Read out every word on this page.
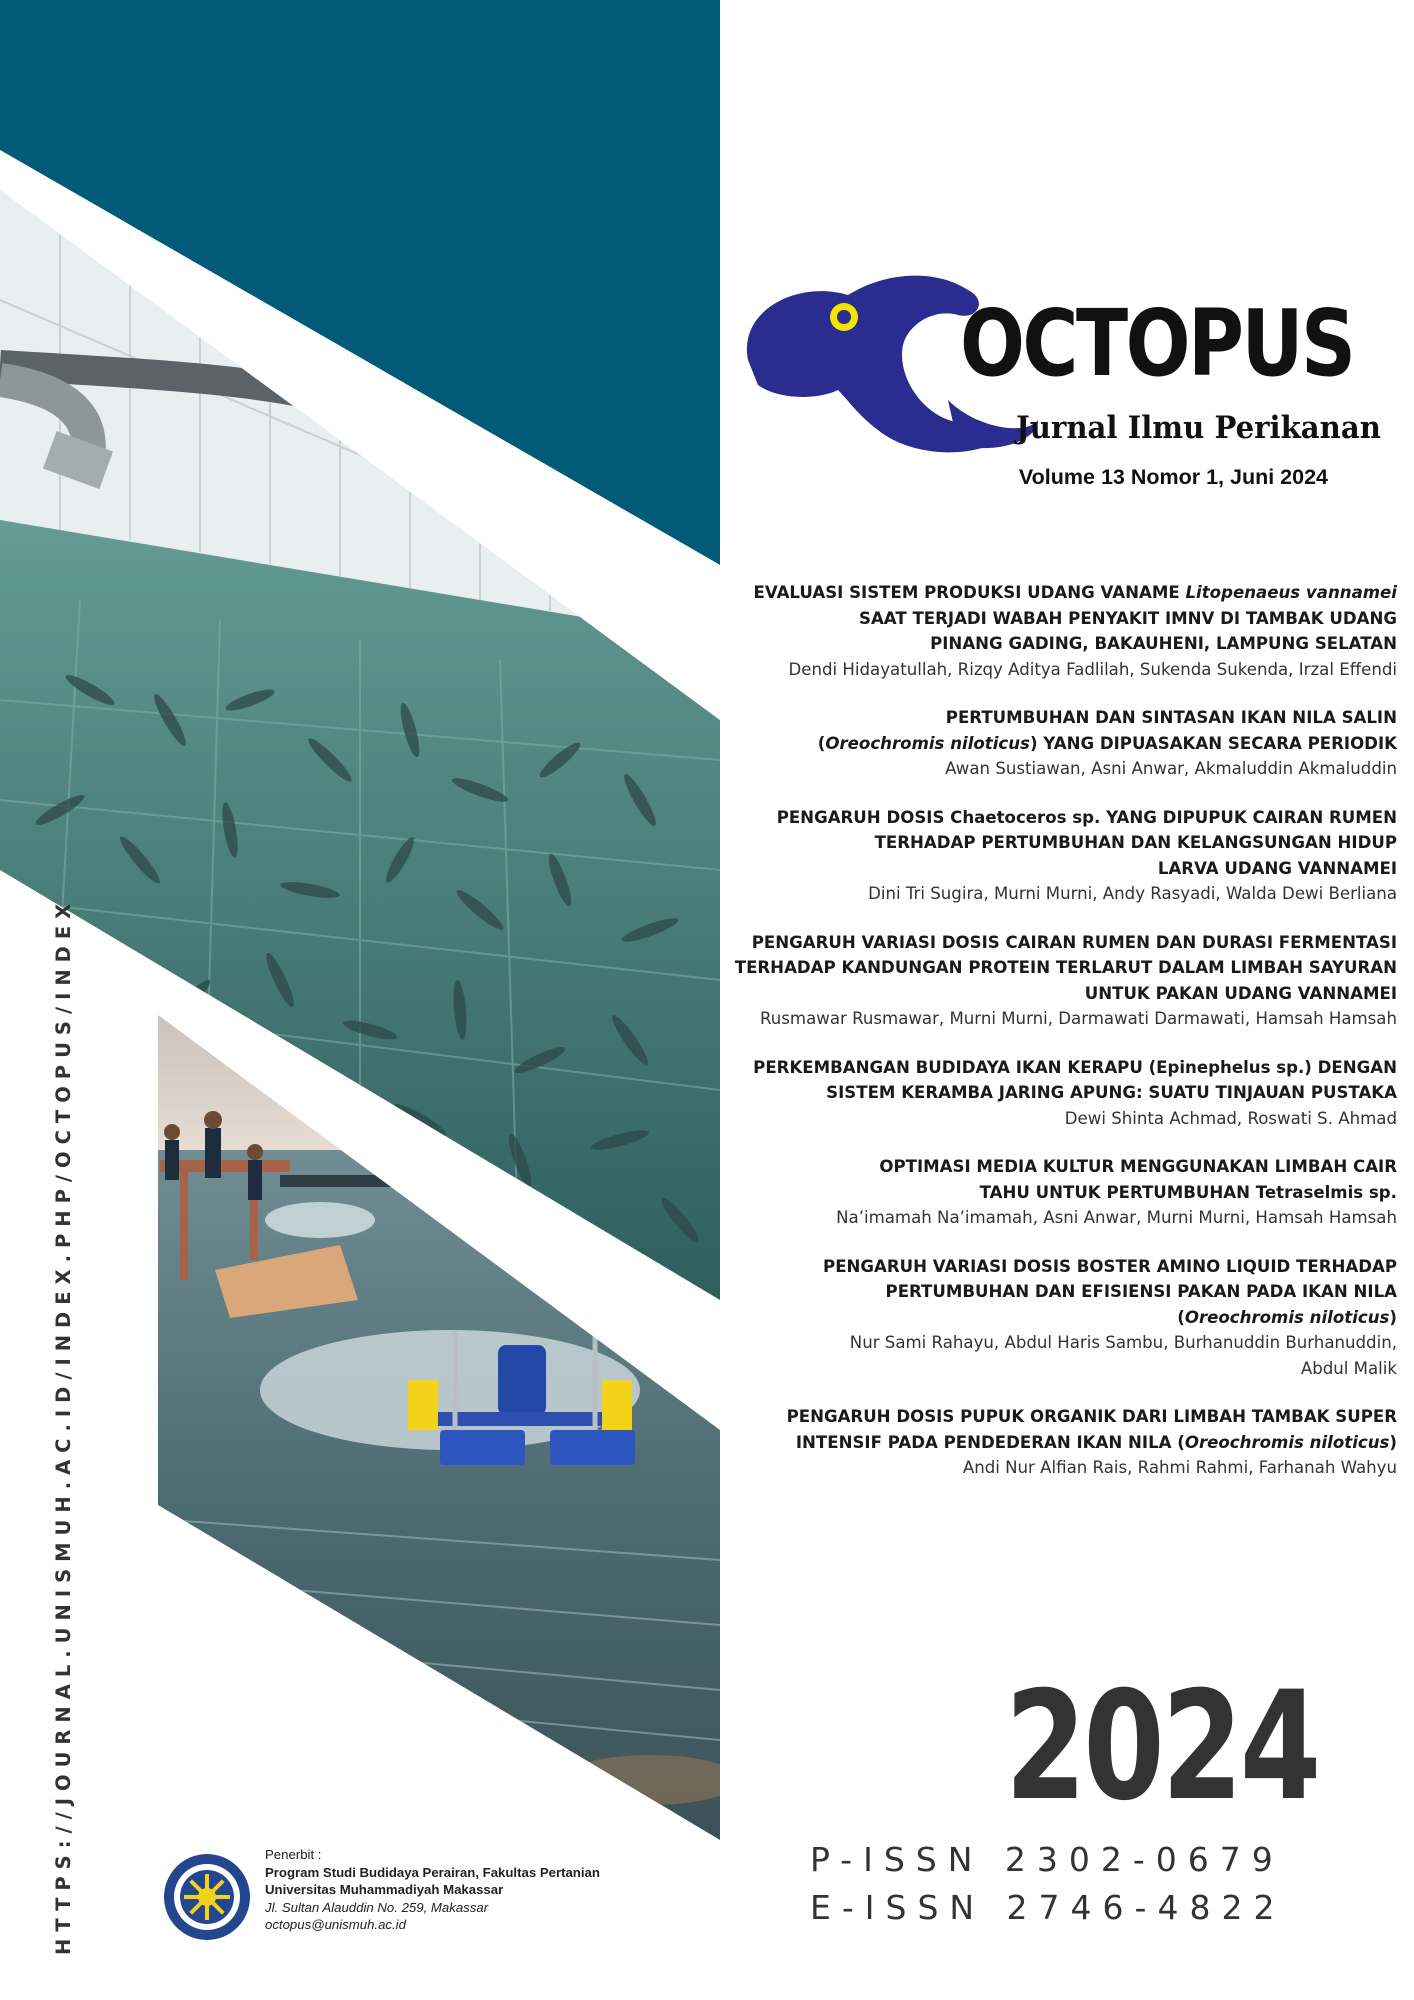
HTTPS://JOURNAL.UNISMUH.AC.ID/INDEX.PHP/OCTOPUS/INDEX
OCTOPUS
Jurnal Ilmu Perikanan
Volume 13 Nomor 1, Juni 2024
EVALUASI SISTEM PRODUKSI UDANG VANAME Litopenaeus vannamei
SAAT TERJADI WABAH PENYAKIT IMNV DI TAMBAK UDANG
PINANG GADING, BAKAUHENI, LAMPUNG SELATAN
Dendi Hidayatullah, Rizqy Aditya Fadlilah, Sukenda Sukenda, Irzal Effendi
PERTUMBUHAN DAN SINTASAN IKAN NILA SALIN
(Oreochromis niloticus) YANG DIPUASAKAN SECARA PERIODIK
Awan Sustiawan, Asni Anwar, Akmaluddin Akmaluddin
PENGARUH DOSIS Chaetoceros sp. YANG DIPUPUK CAIRAN RUMEN
TERHADAP PERTUMBUHAN DAN KELANGSUNGAN HIDUP
LARVA UDANG VANNAMEI
Dini Tri Sugira, Murni Murni, Andy Rasyadi, Walda Dewi Berliana
PENGARUH VARIASI DOSIS CAIRAN RUMEN DAN DURASI FERMENTASI
TERHADAP KANDUNGAN PROTEIN TERLARUT DALAM LIMBAH SAYURAN
UNTUK PAKAN UDANG VANNAMEI
Rusmawar Rusmawar, Murni Murni, Darmawati Darmawati, Hamsah Hamsah
PERKEMBANGAN BUDIDAYA IKAN KERAPU (Epinephelus sp.) DENGAN
SISTEM KERAMBA JARING APUNG: SUATU TINJAUAN PUSTAKA
Dewi Shinta Achmad, Roswati S. Ahmad
OPTIMASI MEDIA KULTUR MENGGUNAKAN LIMBAH CAIR
TAHU UNTUK PERTUMBUHAN Tetraselmis sp.
Na’imamah Na’imamah, Asni Anwar, Murni Murni, Hamsah Hamsah
PENGARUH VARIASI DOSIS BOSTER AMINO LIQUID TERHADAP
PERTUMBUHAN DAN EFISIENSI PAKAN PADA IKAN NILA
(Oreochromis niloticus)
Nur Sami Rahayu, Abdul Haris Sambu, Burhanuddin Burhanuddin,
Abdul Malik
PENGARUH DOSIS PUPUK ORGANIK DARI LIMBAH TAMBAK SUPER
INTENSIF PADA PENDEDERAN IKAN NILA (Oreochromis niloticus)
Andi Nur Alfian Rais, Rahmi Rahmi, Farhanah Wahyu
2024
P-ISSN 2302-0679
E-ISSN 2746-4822
Penerbit :
Program Studi Budidaya Perairan, Fakultas Pertanian
Universitas Muhammadiyah Makassar
Jl. Sultan Alauddin No. 259, Makassar
octopus@unismuh.ac.id
